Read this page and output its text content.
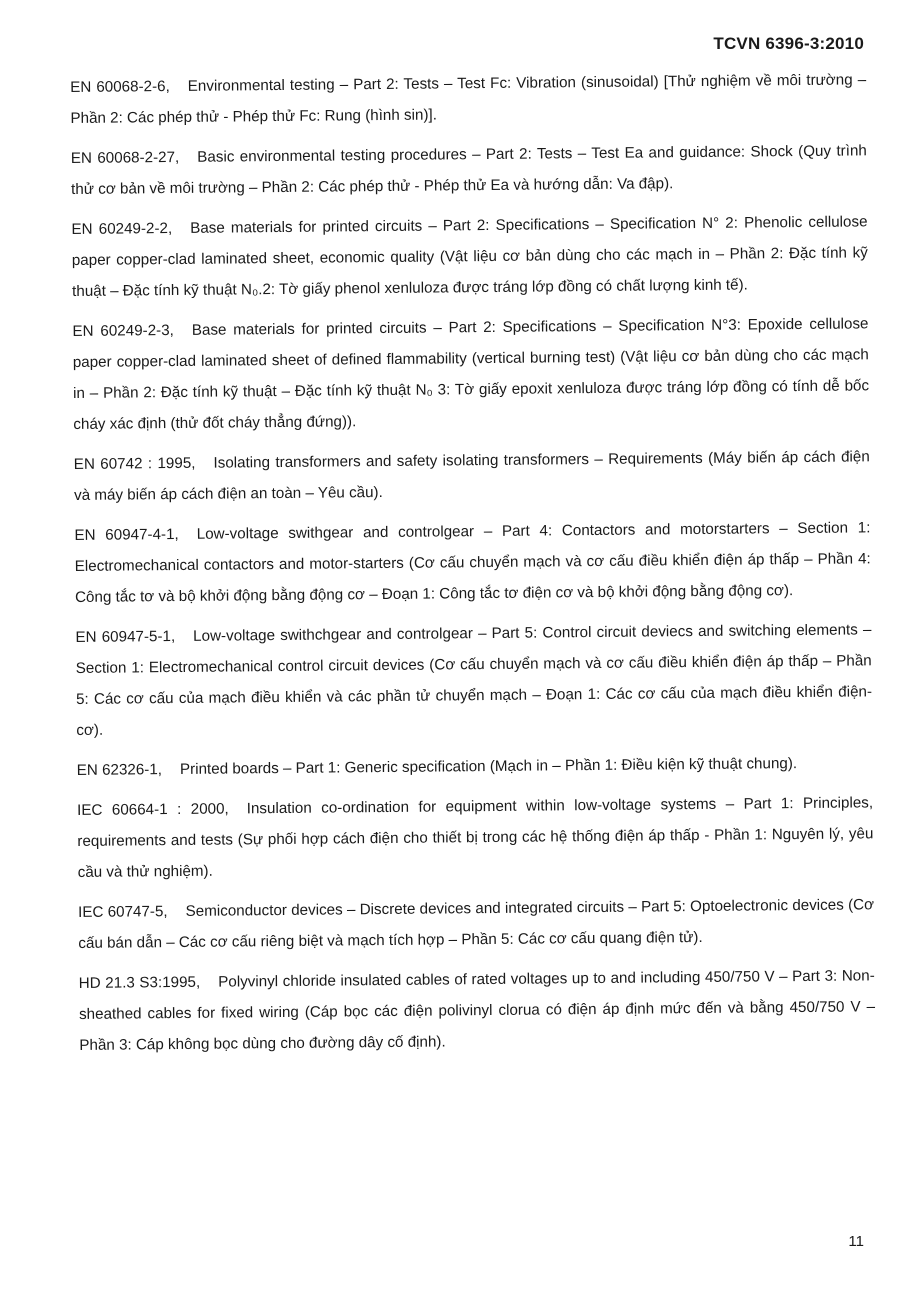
TCVN 6396-3:2010

EN 60068-2-6, Environmental testing – Part 2: Tests – Test Fc: Vibration (sinusoidal) [Thử nghiệm về môi trường – Phần 2: Các phép thử - Phép thử Fc: Rung (hình sin)].

EN 60068-2-27, Basic environmental testing procedures – Part 2: Tests – Test Ea and guidance: Shock (Quy trình thử cơ bản về môi trường – Phần 2: Các phép thử - Phép thử Ea và hướng dẫn: Va đập).

EN 60249-2-2, Base materials for printed circuits – Part 2: Specifications – Specification N° 2: Phenolic cellulose paper copper-clad laminated sheet, economic quality (Vật liệu cơ bản dùng cho các mạch in – Phần 2: Đặc tính kỹ thuật – Đặc tính kỹ thuật N₀.2: Tờ giấy phenol xenluloza được tráng lớp đồng có chất lượng kinh tế).

EN 60249-2-3, Base materials for printed circuits – Part 2: Specifications – Specification N°3: Epoxide cellulose paper copper-clad laminated sheet of defined flammability (vertical burning test) (Vật liệu cơ bản dùng cho các mạch in – Phần 2: Đặc tính kỹ thuật – Đặc tính kỹ thuật N₀ 3: Tờ giấy epoxit xenluloza được tráng lớp đồng có tính dễ bốc cháy xác định (thử đốt cháy thẳng đứng)).

EN 60742 : 1995, Isolating transformers and safety isolating transformers – Requirements (Máy biến áp cách điện và máy biến áp cách điện an toàn – Yêu cầu).

EN 60947-4-1, Low-voltage swithgear and controlgear – Part 4: Contactors and motorstarters – Section 1: Electromechanical contactors and motor-starters (Cơ cấu chuyển mạch và cơ cấu điều khiển điện áp thấp – Phần 4: Công tắc tơ và bộ khởi động bằng động cơ – Đoạn 1: Công tắc tơ điện cơ và bộ khởi động bằng động cơ).

EN 60947-5-1, Low-voltage swithchgear and controlgear – Part 5: Control circuit deviecs and switching elements – Section 1: Electromechanical control circuit devices (Cơ cấu chuyển mạch và cơ cấu điều khiển điện áp thấp – Phần 5: Các cơ cấu của mạch điều khiển và các phần tử chuyển mạch – Đoạn 1: Các cơ cấu của mạch điều khiển điện-cơ).

EN 62326-1, Printed boards – Part 1: Generic specification (Mạch in – Phần 1: Điều kiện kỹ thuật chung).

IEC 60664-1 : 2000, Insulation co-ordination for equipment within low-voltage systems – Part 1: Principles, requirements and tests (Sự phối hợp cách điện cho thiết bị trong các hệ thống điện áp thấp - Phần 1: Nguyên lý, yêu cầu và thử nghiệm).

IEC 60747-5, Semiconductor devices – Discrete devices and integrated circuits – Part 5: Optoelectronic devices (Cơ cấu bán dẫn – Các cơ cấu riêng biệt và mạch tích hợp – Phần 5: Các cơ cấu quang điện tử).

HD 21.3 S3:1995, Polyvinyl chloride insulated cables of rated voltages up to and including 450/750 V – Part 3: Non-sheathed cables for fixed wiring (Cáp bọc các điện polivinyl clorua có điện áp định mức đến và bằng 450/750 V – Phần 3: Cáp không bọc dùng cho đường dây cố định).

11
